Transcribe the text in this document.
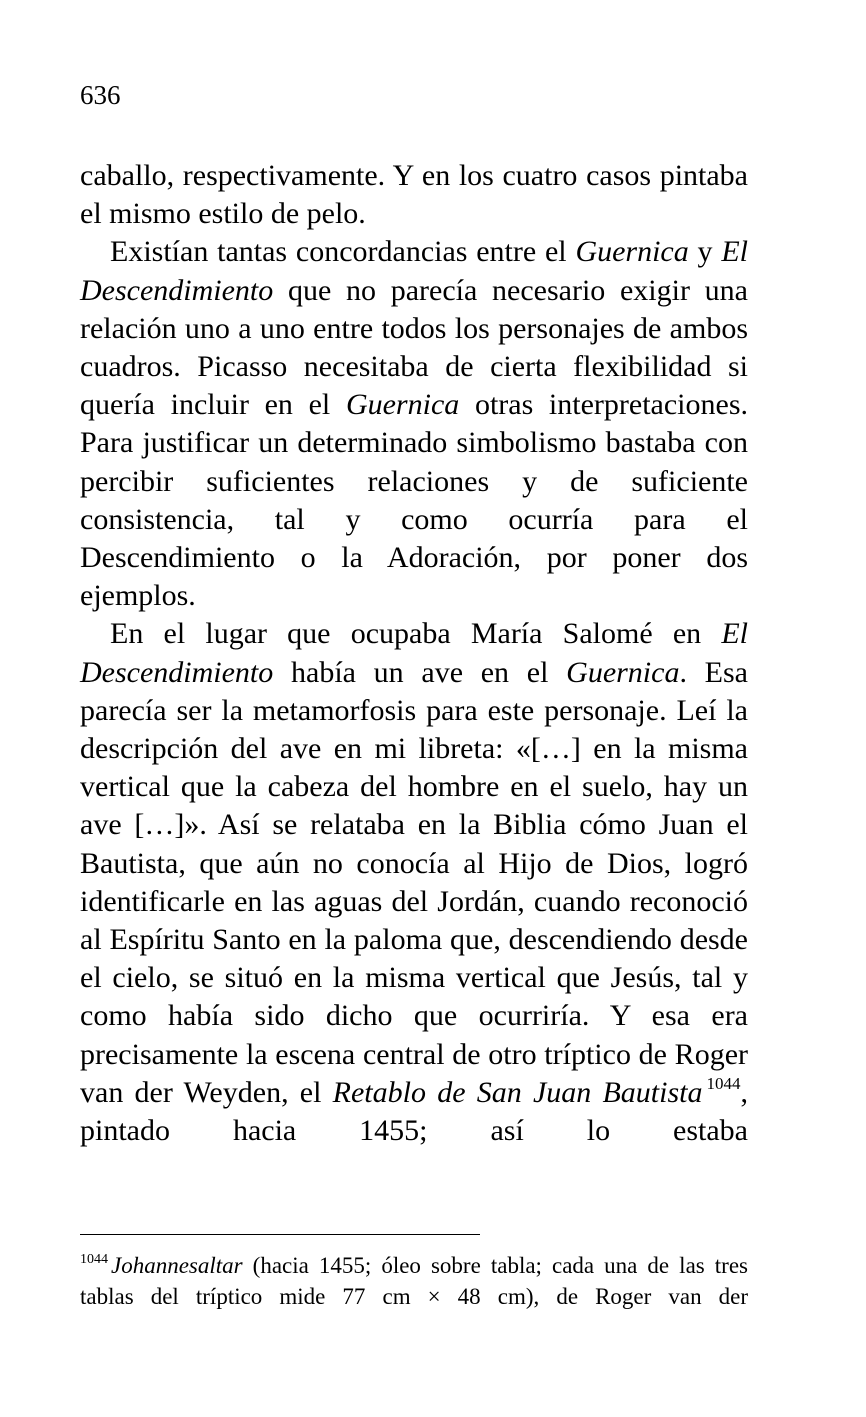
636

caballo, respectivamente. Y en los cuatro casos pintaba el mismo estilo de pelo.

Existían tantas concordancias entre el Guernica y El Descendimiento que no parecía necesario exigir una relación uno a uno entre todos los personajes de ambos cuadros. Picasso necesitaba de cierta flexibilidad si quería incluir en el Guernica otras interpretaciones. Para justificar un determinado simbolismo bastaba con percibir suficientes relaciones y de suficiente consistencia, tal y como ocurría para el Descendimiento o la Adoración, por poner dos ejemplos.

En el lugar que ocupaba María Salomé en El Descendimiento había un ave en el Guernica. Esa parecía ser la metamorfosis para este personaje. Leí la descripción del ave en mi libreta: «[…] en la misma vertical que la cabeza del hombre en el suelo, hay un ave […]». Así se relataba en la Biblia cómo Juan el Bautista, que aún no conocía al Hijo de Dios, logró identificarle en las aguas del Jordán, cuando reconoció al Espíritu Santo en la paloma que, descendiendo desde el cielo, se situó en la misma vertical que Jesús, tal y como había sido dicho que ocurriría. Y esa era precisamente la escena central de otro tríptico de Roger van der Weyden, el Retablo de San Juan Bautista $^{1044}$, pintado hacia 1455; así lo estaba

$^{1044}$ Johannesaltar (hacia 1455; óleo sobre tabla; cada una de las tres tablas del tríptico mide 77 cm × 48 cm), de Roger van der
